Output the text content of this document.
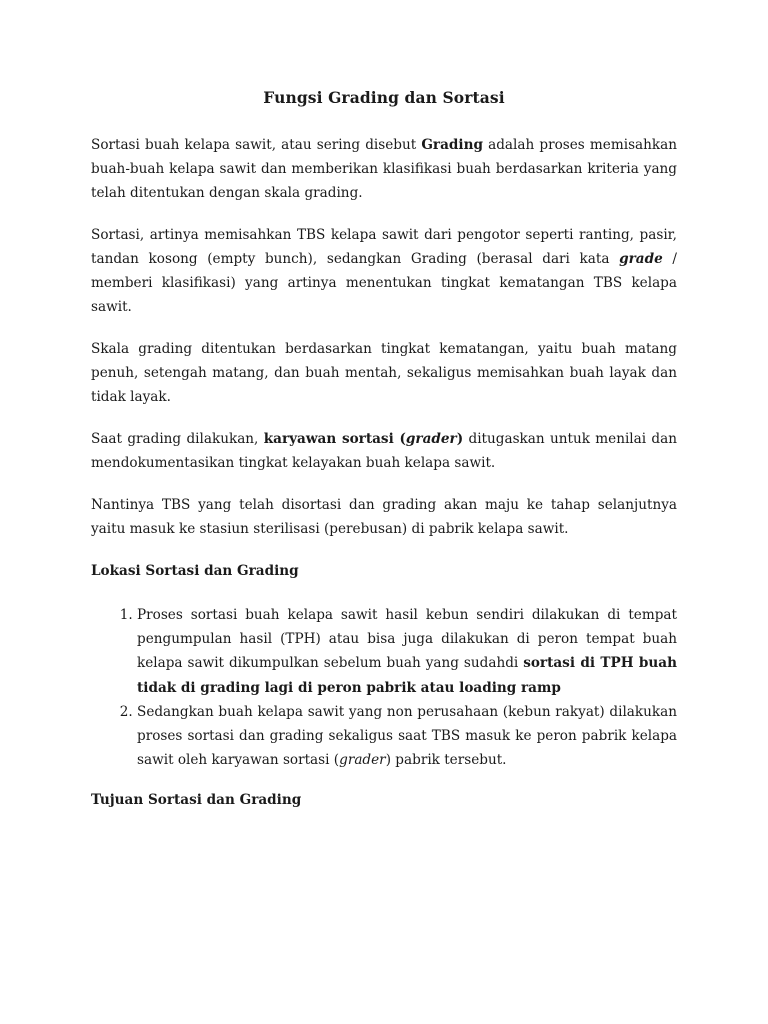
Fungsi Grading dan Sortasi

Sortasi buah kelapa sawit, atau sering disebut Grading adalah proses memisahkan buah-buah kelapa sawit dan memberikan klasifikasi buah berdasarkan kriteria yang telah ditentukan dengan skala grading.

Sortasi, artinya memisahkan TBS kelapa sawit dari pengotor seperti ranting, pasir, tandan kosong (empty bunch), sedangkan Grading (berasal dari kata grade / memberi klasifikasi) yang artinya menentukan tingkat kematangan TBS kelapa sawit.

Skala grading ditentukan berdasarkan tingkat kematangan, yaitu buah matang penuh, setengah matang, dan buah mentah, sekaligus memisahkan buah layak dan tidak layak.

Saat grading dilakukan, karyawan sortasi (grader) ditugaskan untuk menilai dan mendokumentasikan tingkat kelayakan buah kelapa sawit.

Nantinya TBS yang telah disortasi dan grading akan maju ke tahap selanjutnya yaitu masuk ke stasiun sterilisasi (perebusan) di pabrik kelapa sawit.

Lokasi Sortasi dan Grading
1. Proses sortasi buah kelapa sawit hasil kebun sendiri dilakukan di tempat pengumpulan hasil (TPH) atau bisa juga dilakukan di peron tempat buah kelapa sawit dikumpulkan sebelum buah yang sudahdi sortasi di TPH buah tidak di grading lagi di peron pabrik atau loading ramp
2. Sedangkan buah kelapa sawit yang non perusahaan (kebun rakyat) dilakukan proses sortasi dan grading sekaligus saat TBS masuk ke peron pabrik kelapa sawit oleh karyawan sortasi (grader) pabrik tersebut.
Tujuan Sortasi dan Grading
